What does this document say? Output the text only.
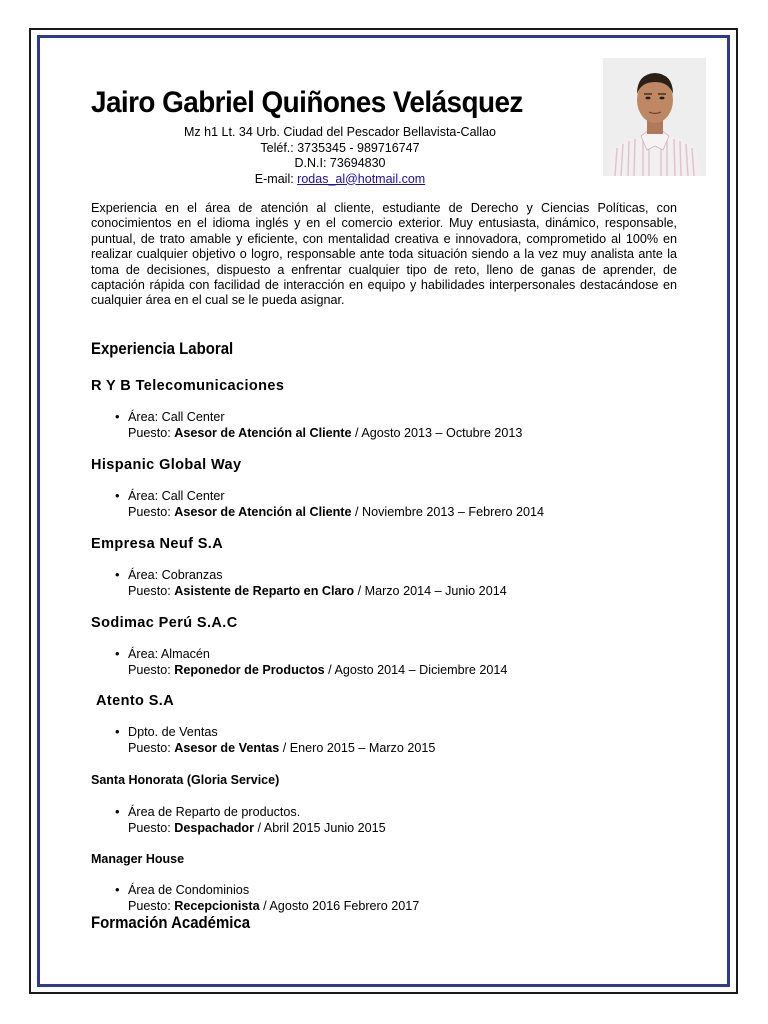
Jairo Gabriel Quiñones Velásquez
Mz h1 Lt. 34 Urb. Ciudad del Pescador Bellavista-Callao
Teléf.: 3735345 - 989716747
D.N.I: 73694830
E-mail: rodas_al@hotmail.com

Experiencia en el área de atención al cliente, estudiante de Derecho y Ciencias Políticas, con conocimientos en el idioma inglés y en el comercio exterior. Muy entusiasta, dinámico, responsable, puntual, de trato amable y eficiente, con mentalidad creativa e innovadora, comprometido al 100% en realizar cualquier objetivo o logro, responsable ante toda situación siendo a la vez muy analista ante la toma de decisiones, dispuesto a enfrentar cualquier tipo de reto, lleno de ganas de aprender, de captación rápida con facilidad de interacción en equipo y habilidades interpersonales destacándose en cualquier área en el cual se le pueda asignar.

Experiencia Laboral
R Y B Telecomunicaciones
• Área: Call Center
Puesto: Asesor de Atención al Cliente / Agosto 2013 – Octubre 2013
Hispanic Global Way
• Área: Call Center
Puesto: Asesor de Atención al Cliente / Noviembre 2013 – Febrero 2014
Empresa Neuf S.A
• Área: Cobranzas
Puesto: Asistente de Reparto en Claro / Marzo 2014 – Junio 2014
Sodimac Perú S.A.C
• Área: Almacén
Puesto: Reponedor de Productos / Agosto 2014 – Diciembre 2014
Atento S.A
• Dpto. de Ventas
Puesto: Asesor de Ventas / Enero 2015 – Marzo 2015
Santa Honorata (Gloria Service)
• Área de Reparto de productos.
Puesto: Despachador / Abril 2015 Junio 2015
Manager House
• Área de Condominios
Puesto: Recepcionista / Agosto 2016 Febrero 2017
Formación Académica
